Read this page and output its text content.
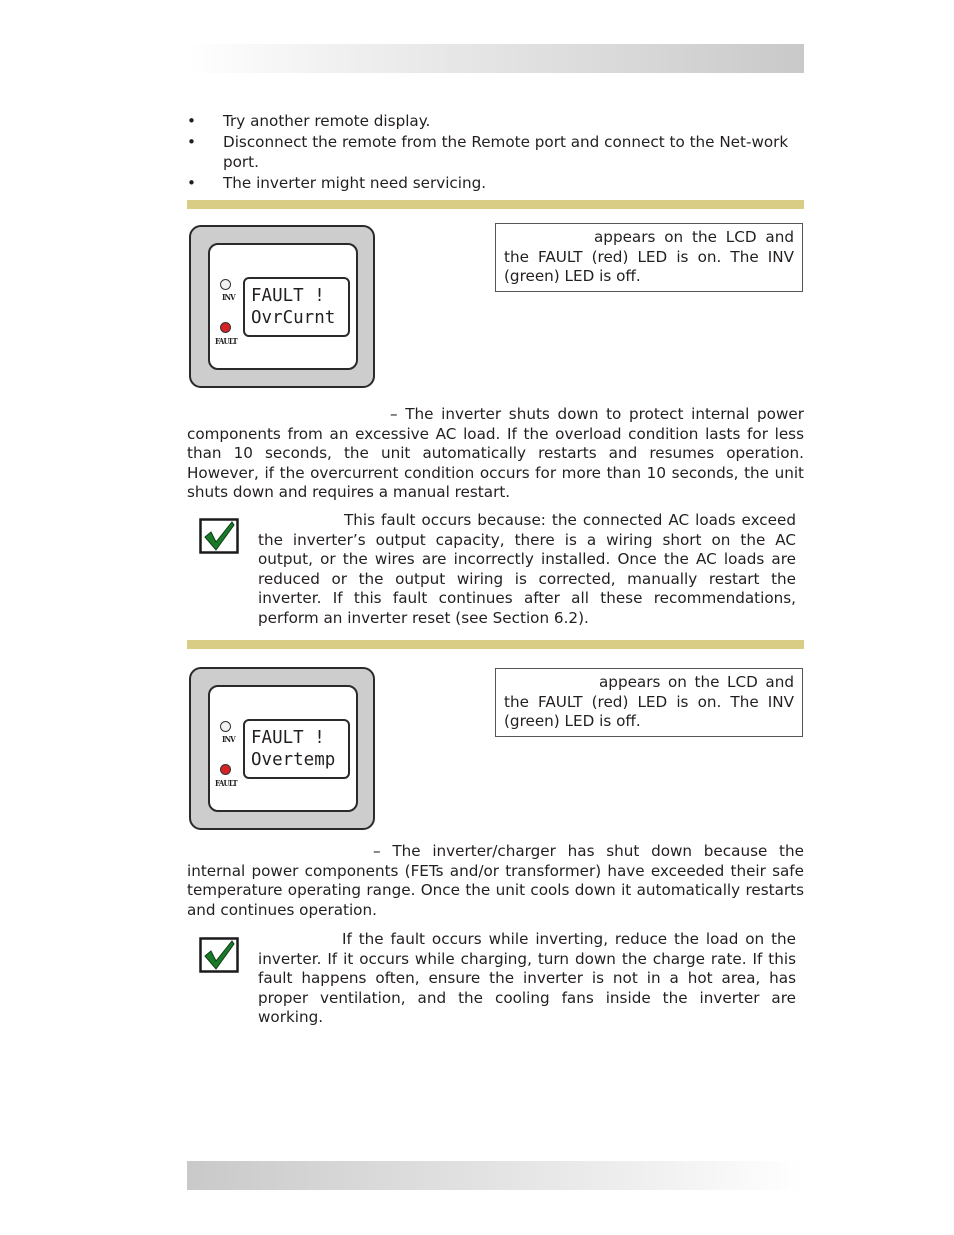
• Try another remote display.
• Disconnect the remote from the Remote port and connect to the Net-work port.
• The inverter might need servicing.
INV
FAULT
FAULT !
OvrCurnt
appears on the LCD and the FAULT (red) LED is on. The INV (green) LED is off.

– The inverter shuts down to protect internal power components from an excessive AC load. If the overload condition lasts for less than 10 seconds, the unit automatically restarts and resumes operation. However, if the overcurrent condition occurs for more than 10 seconds, the unit shuts down and requires a manual restart.

This fault occurs because: the connected AC loads exceed the inverter’s output capacity, there is a wiring short on the AC output, or the wires are incorrectly installed. Once the AC loads are reduced or the output wiring is corrected, manually restart the inverter. If this fault continues after all these recommendations, perform an inverter reset (see Section 6.2).

INV
FAULT
FAULT !
Overtemp
appears on the LCD and the FAULT (red) LED is on. The INV (green) LED is off.

– The inverter/charger has shut down because the internal power components (FETs and/or transformer) have exceeded their safe temperature operating range. Once the unit cools down it automatically restarts and continues operation.

If the fault occurs while inverting, reduce the load on the inverter. If it occurs while charging, turn down the charge rate. If this fault happens often, ensure the inverter is not in a hot area, has proper ventilation, and the cooling fans inside the inverter are working.
